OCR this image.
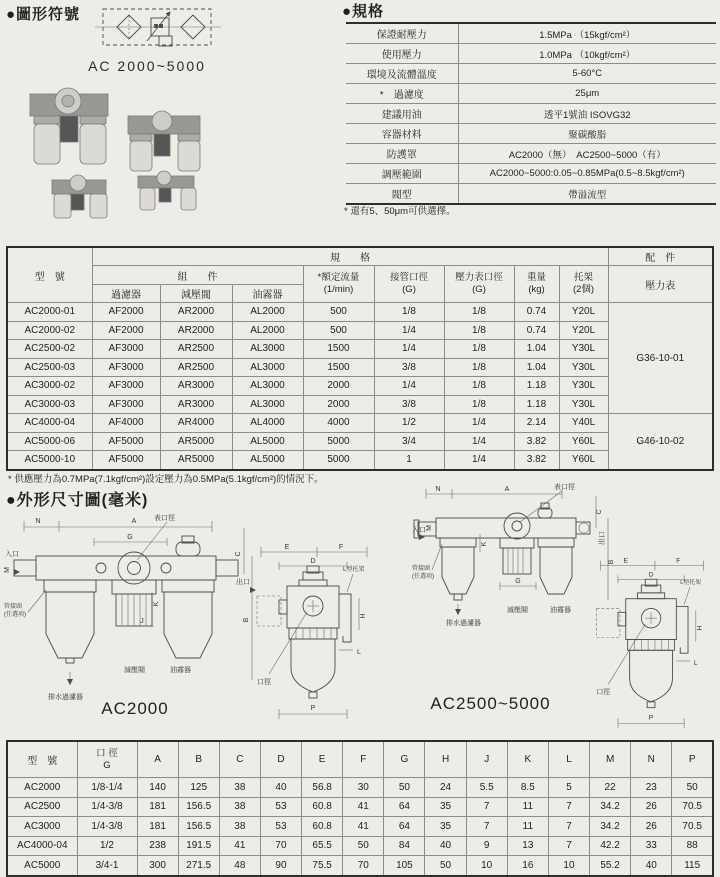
●圖形符號
AC 2000~5000
●規格
保證耐壓力	1.5MPa （15kgf/cm²）
使用壓力	1.0MPa （10kgf/cm²）
環境及流體溫度	5-60°C
*　過濾度	25μm
建議用油	透平1號油 ISOVG32
容器材料	聚碳酸脂
防護罩	AC2000（無）　AC2500~5000（有）
調壓範圍	AC2000~5000:0.05~0.85MPa(0.5~8.5kgf/cm²)
閥型	帶溢流型
* 還有5、50μm可供選擇。
型　號	規　　格								配　件
組　　件	*額定流量
(1/min)

接管口徑
(G)

壓力表口徑
(G)

重量
(kg)

托架
(2個)	壓力表
	過濾器	減壓閥	油霧器						
AC2000-01	AF2000	AR2000	AL2000	500	1/8	1/8	0.74	Y20L	G36-10-01
AC2000-02	AF2000	AR2000	AL2000	500	1/4	1/8	0.74	Y20L	
AC2500-02	AF3000	AR2500	AL3000	1500	1/4	1/8	1.04	Y30L	
AC2500-03	AF3000	AR2500	AL3000	1500	3/8	1/8	1.04	Y30L	
AC3000-02	AF3000	AR3000	AL3000	2000	1/4	1/8	1.18	Y30L	
AC3000-03	AF3000	AR3000	AL3000	2000	3/8	1/8	1.18	Y30L	
AC4000-04	AF4000	AR4000	AL4000	4000	1/2	1/4	2.14	Y40L	G46-10-02
AC5000-06	AF5000	AR5000	AL5000	5000	3/4	1/4	3.82	Y60L	
AC5000-10	AF5000	AR5000	AL5000	5000	1	1/4	3.82	Y60L	
* 供應壓力為0.7MPa(7.1kgf/cm²)設定壓力為0.5MPa(5.1kgf/cm²)的情況下。
●外形尺寸圖(毫米)
N	A
G
表口徑
入口
M
出口
C
B
K
J
管接頭
(任選項)
減壓閥	油霧器
排水過濾器
E	F
D
L型托架
H
L
口徑
P
AC2000
N	A	表口徑
入口 M
C
出口
B
K
G
管接頭
(任選項)
減壓閥	油霧器
排水過濾器
E	F
D
L型托架
H
L
口徑
P
AC2500~5000
型　號	口 徑
G	A	B	C	D	E	F	G	H	J	K	L	M	N	P
AC2000	1/8-1/4	140	125	38	40	56.8	30	50	24	5.5	8.5	5	22	23	50
AC2500	1/4-3/8	181	156.5	38	53	60.8	41	64	35	7	11	7	34.2	26	70.5
AC3000	1/4-3/8	181	156.5	38	53	60.8	41	64	35	7	11	7	34.2	26	70.5
AC4000-04	1/2	238	191.5	41	70	65.5	50	84	40	9	13	7	42.2	33	88
AC5000	3/4-1	300	271.5	48	90	75.5	70	105	50	10	16	10	55.2	40	115
